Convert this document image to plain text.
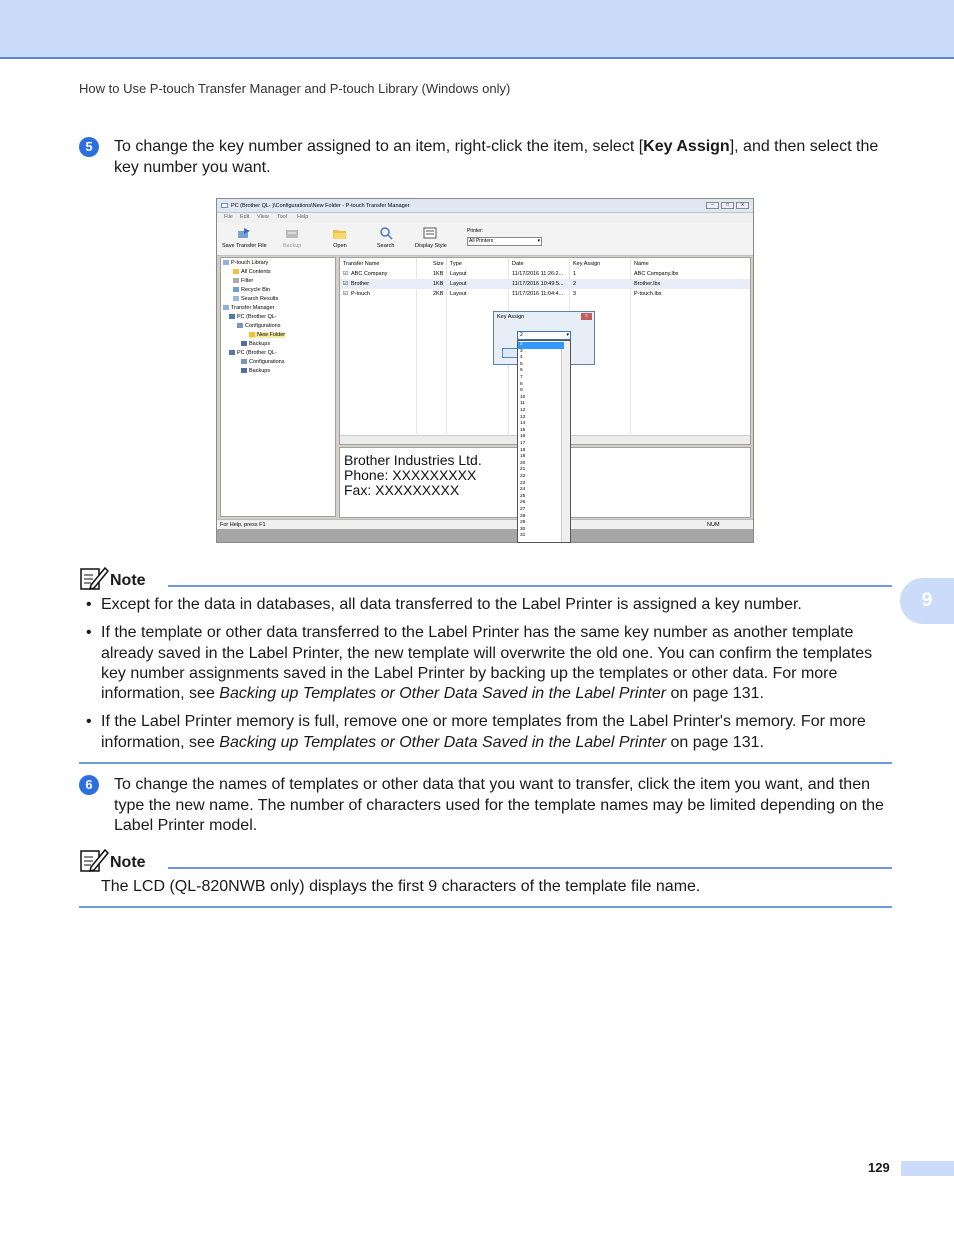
How to Use P-touch Transfer Manager and P-touch Library (Windows only)
5	To change the key number assigned to an item, right-click the item, select [Key Assign], and then select the key number you want.
PC (Brother QL- )\Configurations\New Folder - P-touch Transfer Manager	–	□	x
File Edit View Tool Help
Save Transfer File	Backup	Open	Search	Display Style
Printer:
All Printers	▾
P-touch Library
All Contents
Filter
Recycle Bin
Search Results
Transfer Manager
PC (Brother QL-
Configurations
New Folder
Backups
PC (Brother QL-
Configurations
Backups
Transfer Name	Size Type	Date	Key Assign	Name
☑ ABC Company	1KB Layout	11/17/2016 11:26:2... 1	ABC Company.lbx
☑ Brother	1KB Layout	11/17/2016 10:49:5... 2	Brother.lbx
☑ P-touch	2KB Layout	11/17/2016 11:04:4... 3	P-touch.lbx
Brother Industries Ltd.
Phone: XXXXXXXXX
Fax: XXXXXXXXX
For Help, press F1	NUM
Key Assign	x
2	▾
2
3
4
5
6
7
8
9
10
11
12
13
14
15
16
17
18
19
20
21
22
23
24
25
26
27
28
29
30
31
Note
• Except for the data in databases, all data transferred to the Label Printer is assigned a key number.
• If the template or other data transferred to the Label Printer has the same key number as another template already saved in the Label Printer, the new template will overwrite the old one. You can confirm the templates key number assignments saved in the Label Printer by backing up the templates or other data. For more information, see Backing up Templates or Other Data Saved in the Label Printer on page 131.
• If the Label Printer memory is full, remove one or more templates from the Label Printer's memory. For more information, see Backing up Templates or Other Data Saved in the Label Printer on page 131.
6	To change the names of templates or other data that you want to transfer, click the item you want, and then type the new name. The number of characters used for the template names may be limited depending on the Label Printer model.
Note
The LCD (QL-820NWB only) displays the first 9 characters of the template file name.
9
129
